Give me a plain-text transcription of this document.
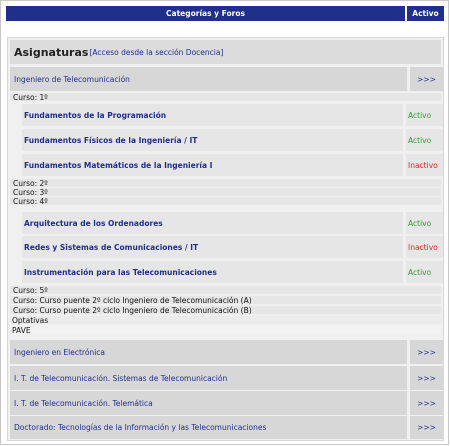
Categorías y Foros	Activo
Asignaturas [Acceso desde la sección Docencia]
Ingeniero de Telecomunicación	>>>
Curso: 1º
Fundamentos de la Programación	Activo
Fundamentos Físicos de la Ingeniería / IT	Activo
Fundamentos Matemáticos de la Ingeniería I	Inactivo
Curso: 2º
Curso: 3º
Curso: 4º
Arquitectura de los Ordenadores	Activo
Redes y Sistemas de Comunicaciones / IT	Inactivo
Instrumentación para las Telecomunicaciones	Activo
Curso: 5º
Curso: Curso puente 2º ciclo Ingeniero de Telecomunicación (A)
Curso: Curso puente 2º ciclo Ingeniero de Telecomunicación (B)
Optativas
PAVE
Ingeniero en Electrónica	>>>
I. T. de Telecomunicación. Sistemas de Telecomunicación	>>>
I. T. de Telecomunicación. Telemática	>>>
Doctorado: Tecnologías de la Información y las Telecomunicaciones	>>>
